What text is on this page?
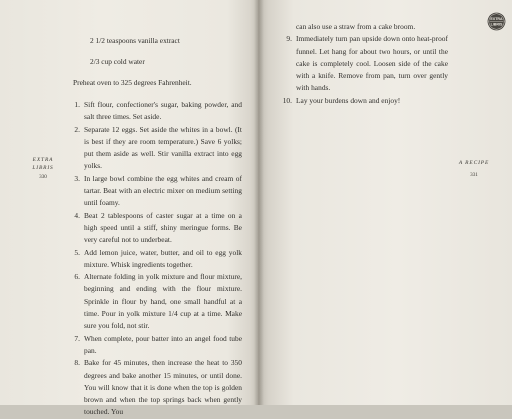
2 1/2 teaspoons vanilla extract
2/3 cup cold water
Preheat oven to 325 degrees Fahrenheit.
1. Sift flour, confectioner's sugar, baking powder, and salt three times. Set aside.
2. Separate 12 eggs. Set aside the whites in a bowl. (It is best if they are room temperature.) Save 6 yolks; put them aside as well. Stir vanilla extract into egg yolks.
3. In large bowl combine the egg whites and cream of tartar. Beat with an electric mixer on medium setting until foamy.
4. Beat 2 tablespoons of caster sugar at a time on a high speed until a stiff, shiny meringue forms. Be very careful not to underbeat.
5. Add lemon juice, water, butter, and oil to egg yolk mixture. Whisk ingredients together.
6. Alternate folding in yolk mixture and flour mixture, beginning and ending with the flour mixture. Sprinkle in flour by hand, one small handful at a time. Pour in yolk mixture 1/4 cup at a time. Make sure you fold, not stir.
7. When complete, pour batter into an angel food tube pan.
8. Bake for 45 minutes, then increase the heat to 350 degrees and bake another 15 minutes, or until done. You will know that it is done when the top is golden brown and when the top springs back when gently touched. You
EXTRA
LIBRIS
330
can also use a straw from a cake broom.
9. Immediately turn pan upside down onto heat-proof funnel. Let hang for about two hours, or until the cake is completely cool. Loosen side of the cake with a knife. Remove from pan, turn over gently with hands.
10. Lay your burdens down and enjoy!
A RECIPE
331
EXTRA
LIBRIS
